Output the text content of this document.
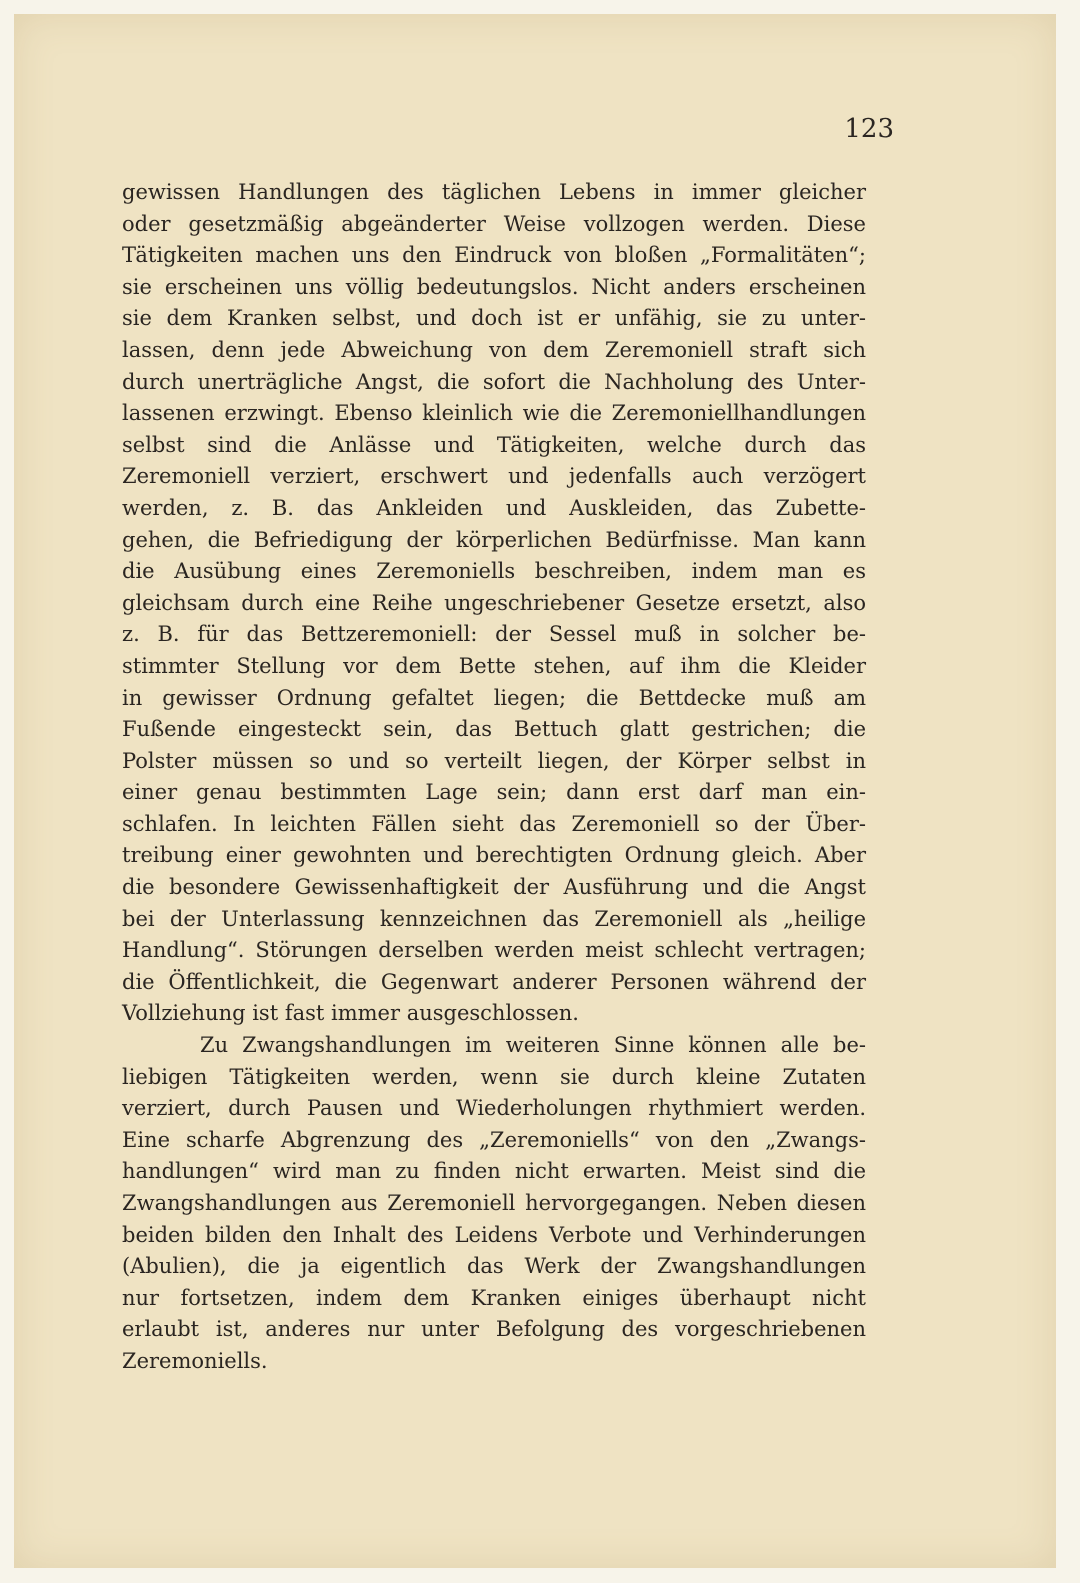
123
gewissen Handlungen des täglichen Lebens in immer gleicher
oder gesetzmäßig abgeänderter Weise vollzogen werden. Diese
Tätigkeiten machen uns den Eindruck von bloßen „Formalitäten“;
sie erscheinen uns völlig bedeutungslos. Nicht anders erscheinen
sie dem Kranken selbst, und doch ist er unfähig, sie zu unter-
lassen, denn jede Abweichung von dem Zeremoniell straft sich
durch unerträgliche Angst, die sofort die Nachholung des Unter-
lassenen erzwingt. Ebenso kleinlich wie die Zeremoniellhandlungen
selbst sind die Anlässe und Tätigkeiten, welche durch das
Zeremoniell verziert, erschwert und jedenfalls auch verzögert
werden, z. B. das Ankleiden und Auskleiden, das Zubette-
gehen, die Befriedigung der körperlichen Bedürfnisse. Man kann
die Ausübung eines Zeremoniells beschreiben, indem man es
gleichsam durch eine Reihe ungeschriebener Gesetze ersetzt, also
z. B. für das Bettzeremoniell: der Sessel muß in solcher be-
stimmter Stellung vor dem Bette stehen, auf ihm die Kleider
in gewisser Ordnung gefaltet liegen; die Bettdecke muß am
Fußende eingesteckt sein, das Bettuch glatt gestrichen; die
Polster müssen so und so verteilt liegen, der Körper selbst in
einer genau bestimmten Lage sein; dann erst darf man ein-
schlafen. In leichten Fällen sieht das Zeremoniell so der Über-
treibung einer gewohnten und berechtigten Ordnung gleich. Aber
die besondere Gewissenhaftigkeit der Ausführung und die Angst
bei der Unterlassung kennzeichnen das Zeremoniell als „heilige
Handlung“. Störungen derselben werden meist schlecht vertragen;
die Öffentlichkeit, die Gegenwart anderer Personen während der
Vollziehung ist fast immer ausgeschlossen.
Zu Zwangshandlungen im weiteren Sinne können alle be-
liebigen Tätigkeiten werden, wenn sie durch kleine Zutaten
verziert, durch Pausen und Wiederholungen rhythmiert werden.
Eine scharfe Abgrenzung des „Zeremoniells“ von den „Zwangs-
handlungen“ wird man zu finden nicht erwarten. Meist sind die
Zwangshandlungen aus Zeremoniell hervorgegangen. Neben diesen
beiden bilden den Inhalt des Leidens Verbote und Verhinderungen
(Abulien), die ja eigentlich das Werk der Zwangshandlungen
nur fortsetzen, indem dem Kranken einiges überhaupt nicht
erlaubt ist, anderes nur unter Befolgung des vorgeschriebenen
Zeremoniells.
